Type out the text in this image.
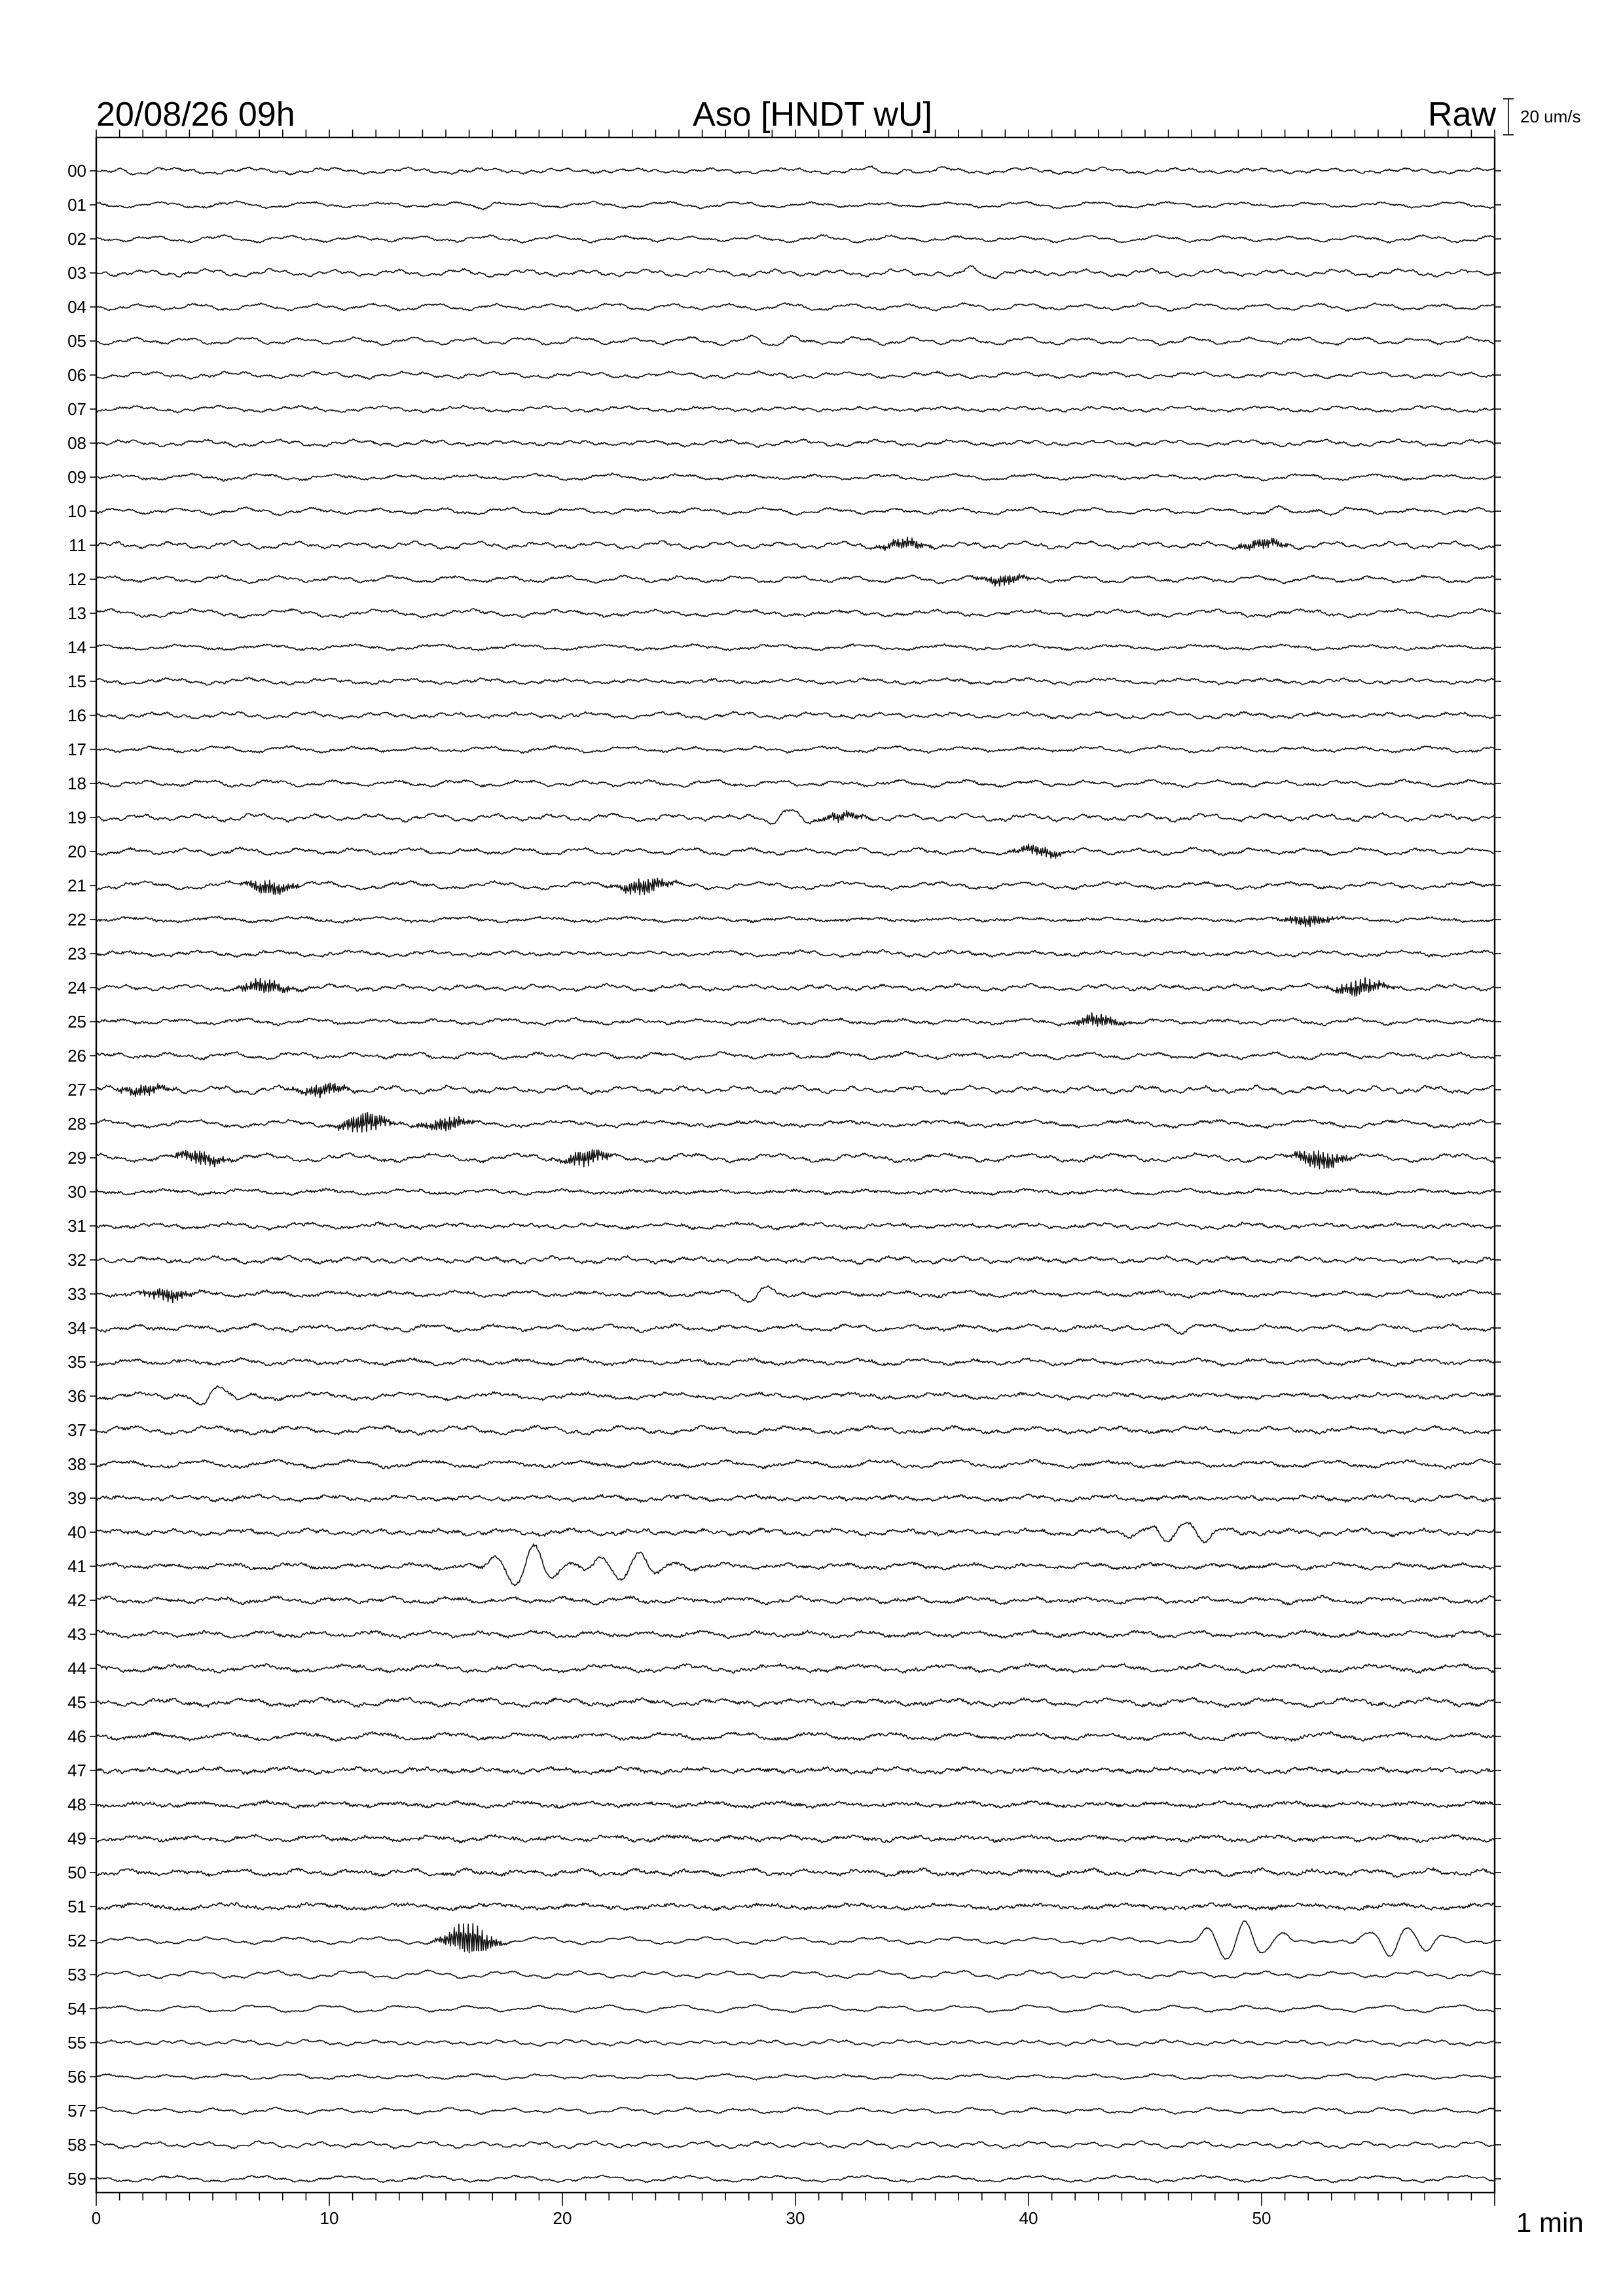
20/08/26 09h	Aso [HNDT wU]	Raw 20 um/s
00
01
02
03
04
05
06
07
08
09
10
11
12
13
14
15
16
17
18
19
20
21
22
23
24
25
26
27
28
29
30
31
32
33
34
35
36
37
38
39
40
41
42
43
44
45
46
47
48
49
50
51
52
53
54
55
56
57
58
59
0	10	20	30	40	50	1 min
